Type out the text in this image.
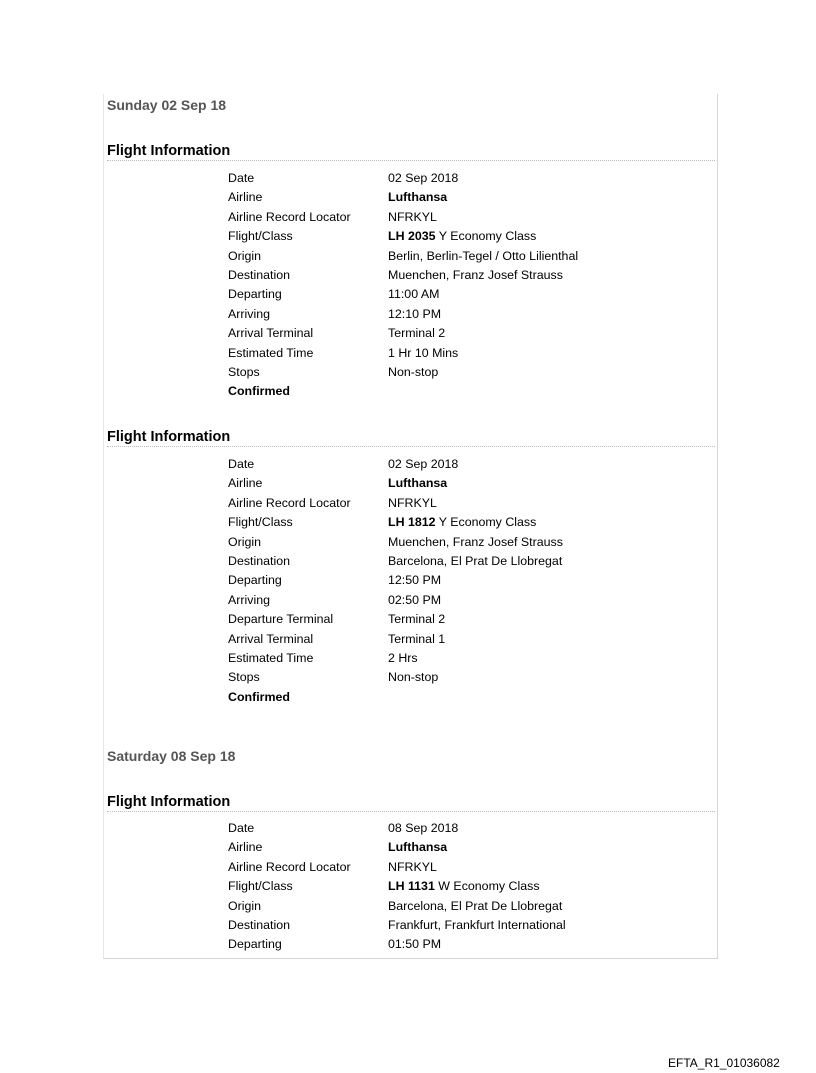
Sunday 02 Sep 18
Flight Information
Date	02 Sep 2018
Airline	Lufthansa
Airline Record Locator	NFRKYL
Flight/Class	LH 2035 Y Economy Class
Origin	Berlin, Berlin-Tegel / Otto Lilienthal
Destination	Muenchen, Franz Josef Strauss
Departing	11:00 AM
Arriving	12:10 PM
Arrival Terminal	Terminal 2
Estimated Time	1 Hr 10 Mins
Stops	Non-stop
Confirmed
Flight Information
Date	02 Sep 2018
Airline	Lufthansa
Airline Record Locator	NFRKYL
Flight/Class	LH 1812 Y Economy Class
Origin	Muenchen, Franz Josef Strauss
Destination	Barcelona, El Prat De Llobregat
Departing	12:50 PM
Arriving	02:50 PM
Departure Terminal	Terminal 2
Arrival Terminal	Terminal 1
Estimated Time	2 Hrs
Stops	Non-stop
Confirmed
Saturday 08 Sep 18
Flight Information
Date	08 Sep 2018
Airline	Lufthansa
Airline Record Locator	NFRKYL
Flight/Class	LH 1131 W Economy Class
Origin	Barcelona, El Prat De Llobregat
Destination	Frankfurt, Frankfurt International
Departing	01:50 PM
EFTA_R1_01036082
